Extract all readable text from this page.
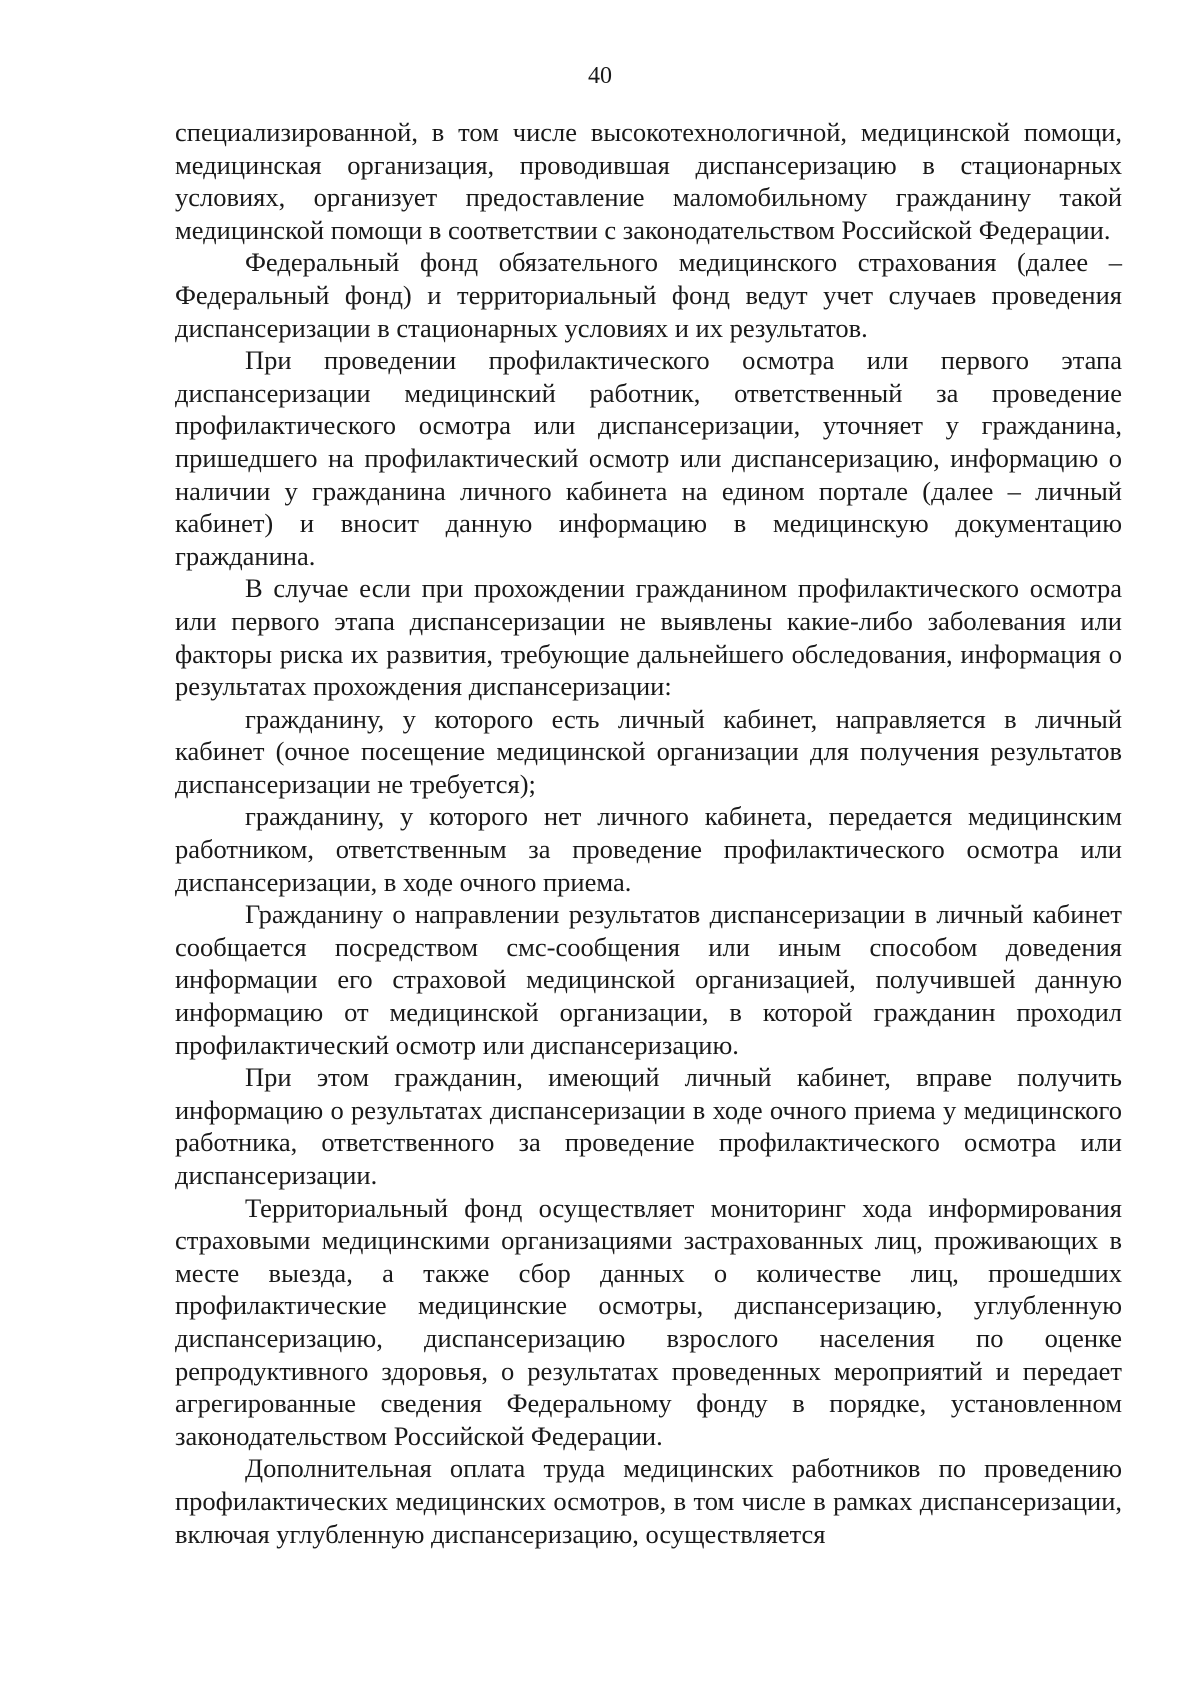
40

специализированной, в том числе высокотехнологичной, медицинской помощи, медицинская организация, проводившая диспансеризацию в стационарных условиях, организует предоставление маломобильному гражданину такой медицинской помощи в соответствии с законодательством Российской Федерации.

Федеральный фонд обязательного медицинского страхования (далее – Федеральный фонд) и территориальный фонд ведут учет случаев проведения диспансеризации в стационарных условиях и их результатов.

При проведении профилактического осмотра или первого этапа диспансеризации медицинский работник, ответственный за проведение профилактического осмотра или диспансеризации, уточняет у гражданина, пришедшего на профилактический осмотр или диспансеризацию, информацию о наличии у гражданина личного кабинета на едином портале (далее – личный кабинет) и вносит данную информацию в медицинскую документацию гражданина.

В случае если при прохождении гражданином профилактического осмотра или первого этапа диспансеризации не выявлены какие-либо заболевания или факторы риска их развития, требующие дальнейшего обследования, информация о результатах прохождения диспансеризации:

гражданину, у которого есть личный кабинет, направляется в личный кабинет (очное посещение медицинской организации для получения результатов диспансеризации не требуется);

гражданину, у которого нет личного кабинета, передается медицинским работником, ответственным за проведение профилактического осмотра или диспансеризации, в ходе очного приема.

Гражданину о направлении результатов диспансеризации в личный кабинет сообщается посредством смс-сообщения или иным способом доведения информации его страховой медицинской организацией, получившей данную информацию от медицинской организации, в которой гражданин проходил профилактический осмотр или диспансеризацию.

При этом гражданин, имеющий личный кабинет, вправе получить информацию о результатах диспансеризации в ходе очного приема у медицинского работника, ответственного за проведение профилактического осмотра или диспансеризации.

Территориальный фонд осуществляет мониторинг хода информирования страховыми медицинскими организациями застрахованных лиц, проживающих в месте выезда, а также сбор данных о количестве лиц, прошедших профилактические медицинские осмотры, диспансеризацию, углубленную диспансеризацию, диспансеризацию взрослого населения по оценке репродуктивного здоровья, о результатах проведенных мероприятий и передает агрегированные сведения Федеральному фонду в порядке, установленном законодательством Российской Федерации.

Дополнительная оплата труда медицинских работников по проведению профилактических медицинских осмотров, в том числе в рамках диспансеризации, включая углубленную диспансеризацию, осуществляется
